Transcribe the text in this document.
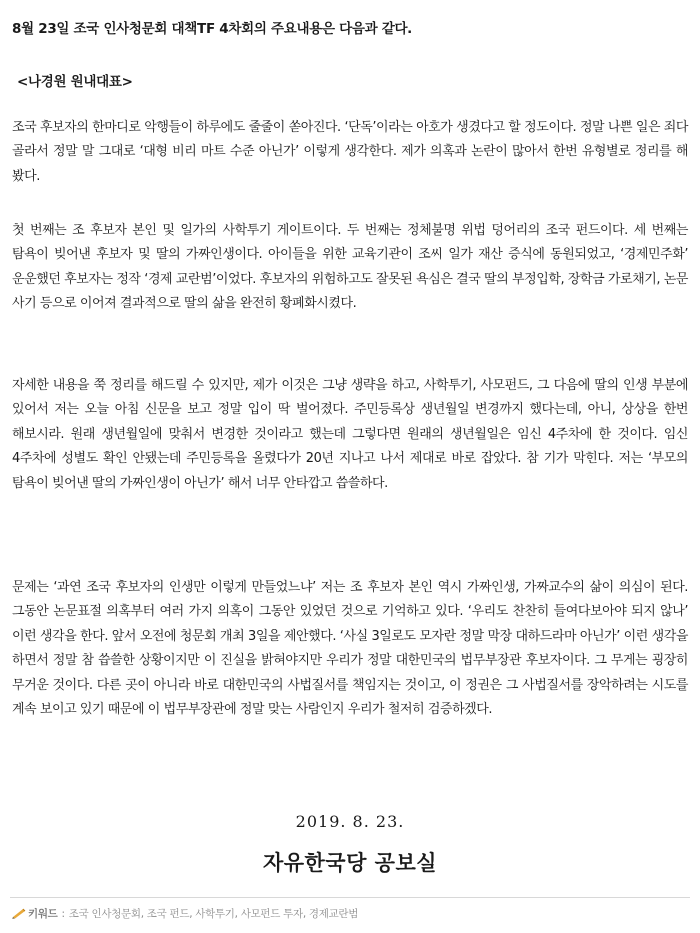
8월 23일 조국 인사청문회 대책TF 4차회의 주요내용은 다음과 같다.
<나경원 원내대표>
조국 후보자의 한마디로 악행들이 하루에도 줄줄이 쏟아진다. ‘단독’이라는 아호가 생겼다고 할 정도이다. 정말 나쁜 일은 죄다 골라서 정말 말 그대로 ‘대형 비리 마트 수준 아닌가’ 이렇게 생각한다. 제가 의혹과 논란이 많아서 한번 유형별로 정리를 해 봤다.
첫 번째는 조 후보자 본인 및 일가의 사학투기 게이트이다. 두 번째는 정체불명 위법 덩어리의 조국 펀드이다. 세 번째는 탐욕이 빚어낸 후보자 및 딸의 가짜인생이다. 아이들을 위한 교육기관이 조씨 일가 재산 증식에 동원되었고, ‘경제민주화’ 운운했던 후보자는 정작 ‘경제 교란범’이었다. 후보자의 위험하고도 잘못된 욕심은 결국 딸의 부정입학, 장학금 가로채기, 논문 사기 등으로 이어져 결과적으로 딸의 삶을 완전히 황폐화시켰다.
자세한 내용을 쭉 정리를 해드릴 수 있지만, 제가 이것은 그냥 생략을 하고, 사학투기, 사모펀드, 그 다음에 딸의 인생 부분에 있어서 저는 오늘 아침 신문을 보고 정말 입이 딱 벌어졌다. 주민등록상 생년월일 변경까지 했다는데, 아니, 상상을 한번 해보시라. 원래 생년월일에 맞춰서 변경한 것이라고 했는데 그렇다면 원래의 생년월일은 임신 4주차에 한 것이다. 임신 4주차에 성별도 확인 안됐는데 주민등록을 올렸다가 20년 지나고 나서 제대로 바로 잡았다. 참 기가 막힌다. 저는 ‘부모의 탐욕이 빚어낸 딸의 가짜인생이 아닌가’ 해서 너무 안타깝고 씁쓸하다.
문제는 ‘과연 조국 후보자의 인생만 이렇게 만들었느냐’ 저는 조 후보자 본인 역시 가짜인생, 가짜교수의 삶이 의심이 된다. 그동안 논문표절 의혹부터 여러 가지 의혹이 그동안 있었던 것으로 기억하고 있다. ‘우리도 찬찬히 들여다보아야 되지 않나’ 이런 생각을 한다. 앞서 오전에 청문회 개최 3일을 제안했다. ‘사실 3일로도 모자란 정말 막장 대하드라마 아닌가’ 이런 생각을 하면서 정말 참 씁쓸한 상황이지만 이 진실을 밝혀야지만 우리가 정말 대한민국의 법무부장관 후보자이다. 그 무게는 굉장히 무거운 것이다. 다른 곳이 아니라 바로 대한민국의 사법질서를 책임지는 것이고, 이 정권은 그 사법질서를 장악하려는 시도를 계속 보이고 있기 때문에 이 법무부장관에 정말 맞는 사람인지 우리가 철저히 검증하겠다.
2019. 8. 23.
자유한국당 공보실
키워드 : 조국 인사청문회, 조국 펀드, 사학투기, 사모펀드 투자, 경제교란범
